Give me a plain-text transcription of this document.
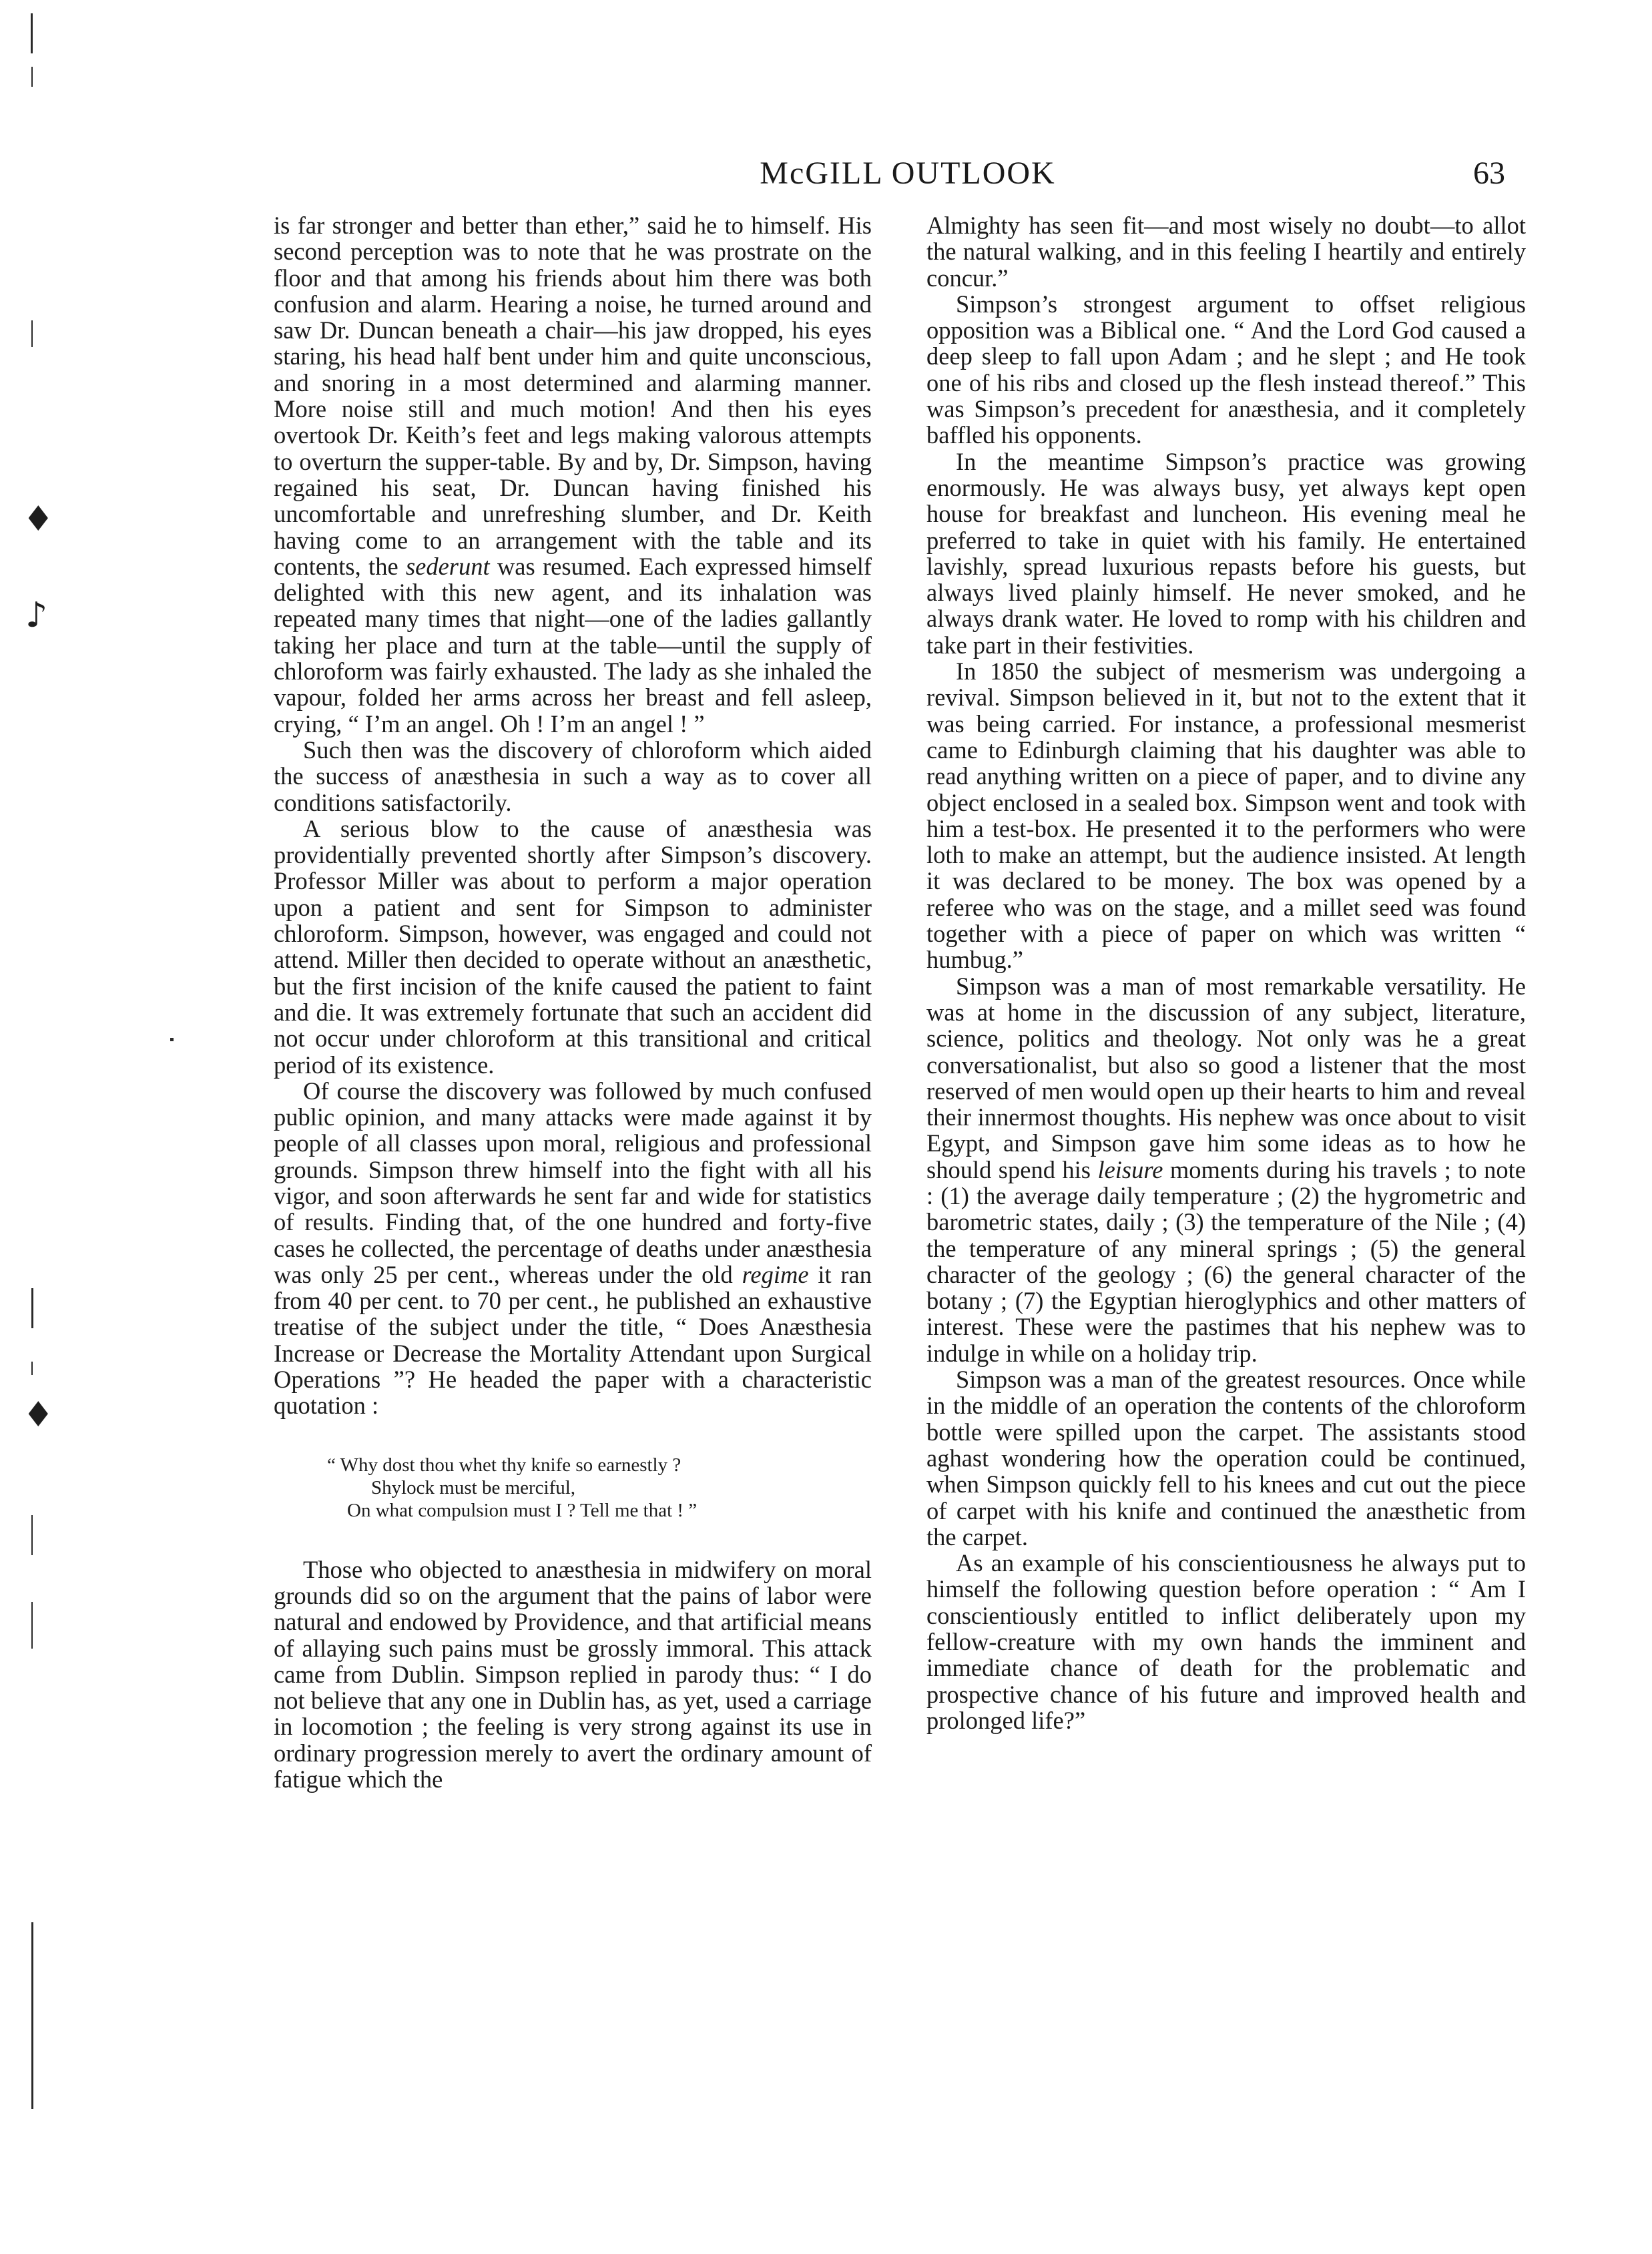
♦
♪
♦
McGILL OUTLOOK	63

is far stronger and better than ether,” said he to himself. His second perception was to note that he was prostrate on the floor and that among his friends about him there was both confusion and alarm. Hearing a noise, he turned around and saw Dr. Duncan beneath a chair—his jaw dropped, his eyes staring, his head half bent under him and quite unconscious, and snoring in a most determined and alarming manner. More noise still and much motion! And then his eyes overtook Dr. Keith’s feet and legs making valorous attempts to overturn the supper-table. By and by, Dr. Simpson, having regained his seat, Dr. Duncan having finished his uncomfortable and unrefreshing slumber, and Dr. Keith having come to an arrangement with the table and its contents, the sederunt was resumed. Each expressed himself delighted with this new agent, and its inhalation was repeated many times that night—one of the ladies gallantly taking her place and turn at the table—until the supply of chloroform was fairly exhausted. The lady as she inhaled the vapour, folded her arms across her breast and fell asleep, crying, “ I’m an angel. Oh ! I’m an angel ! ”

Such then was the discovery of chloroform which aided the success of anæsthesia in such a way as to cover all conditions satisfactorily.

A serious blow to the cause of anæsthesia was providentially prevented shortly after Simpson’s discovery. Professor Miller was about to perform a major operation upon a patient and sent for Simpson to administer chloroform. Simpson, however, was engaged and could not attend. Miller then decided to operate without an anæsthetic, but the first incision of the knife caused the patient to faint and die. It was extremely fortunate that such an accident did not occur under chloroform at this transitional and critical period of its existence.

Of course the discovery was followed by much confused public opinion, and many attacks were made against it by people of all classes upon moral, religious and professional grounds. Simpson threw himself into the fight with all his vigor, and soon afterwards he sent far and wide for statistics of results. Finding that, of the one hundred and forty-five cases he collected, the percentage of deaths under anæsthesia was only 25 per cent., whereas under the old regime it ran from 40 per cent. to 70 per cent., he published an exhaustive treatise of the subject under the title, “ Does Anæsthesia Increase or Decrease the Mortality Attendant upon Surgical Operations ”? He headed the paper with a characteristic quotation :

“ Why dost thou whet thy knife so earnestly ?
Shylock must be merciful,
On what compulsion must I ? Tell me that ! ”

Those who objected to anæsthesia in midwifery on moral grounds did so on the argument that the pains of labor were natural and endowed by Providence, and that artificial means of allaying such pains must be grossly immoral. This attack came from Dublin. Simpson replied in parody thus: “ I do not believe that any one in Dublin has, as yet, used a carriage in locomotion ; the feeling is very strong against its use in ordinary progression merely to avert the ordinary amount of fatigue which the

Almighty has seen fit—and most wisely no doubt—to allot the natural walking, and in this feeling I heartily and entirely concur.”

Simpson’s strongest argument to offset religious opposition was a Biblical one. “ And the Lord God caused a deep sleep to fall upon Adam ; and he slept ; and He took one of his ribs and closed up the flesh instead thereof.” This was Simpson’s precedent for anæsthesia, and it completely baffled his opponents.

In the meantime Simpson’s practice was growing enormously. He was always busy, yet always kept open house for breakfast and luncheon. His evening meal he preferred to take in quiet with his family. He entertained lavishly, spread luxurious repasts before his guests, but always lived plainly himself. He never smoked, and he always drank water. He loved to romp with his children and take part in their festivities.

In 1850 the subject of mesmerism was undergoing a revival. Simpson believed in it, but not to the extent that it was being carried. For instance, a professional mesmerist came to Edinburgh claiming that his daughter was able to read anything written on a piece of paper, and to divine any object enclosed in a sealed box. Simpson went and took with him a test-box. He presented it to the performers who were loth to make an attempt, but the audience insisted. At length it was declared to be money. The box was opened by a referee who was on the stage, and a millet seed was found together with a piece of paper on which was written “ humbug.”

Simpson was a man of most remarkable versatility. He was at home in the discussion of any subject, literature, science, politics and theology. Not only was he a great conversationalist, but also so good a listener that the most reserved of men would open up their hearts to him and reveal their innermost thoughts. His nephew was once about to visit Egypt, and Simpson gave him some ideas as to how he should spend his leisure moments during his travels ; to note : (1) the average daily temperature ; (2) the hygrometric and barometric states, daily ; (3) the temperature of the Nile ; (4) the temperature of any mineral springs ; (5) the general character of the geology ; (6) the general character of the botany ; (7) the Egyptian hieroglyphics and other matters of interest. These were the pastimes that his nephew was to indulge in while on a holiday trip.

Simpson was a man of the greatest resources. Once while in the middle of an operation the contents of the chloroform bottle were spilled upon the carpet. The assistants stood aghast wondering how the operation could be continued, when Simpson quickly fell to his knees and cut out the piece of carpet with his knife and continued the anæsthetic from the carpet.

As an example of his conscientiousness he always put to himself the following question before operation : “ Am I conscientiously entitled to inflict deliberately upon my fellow-creature with my own hands the imminent and immediate chance of death for the problematic and prospective chance of his future and improved health and prolonged life?”
